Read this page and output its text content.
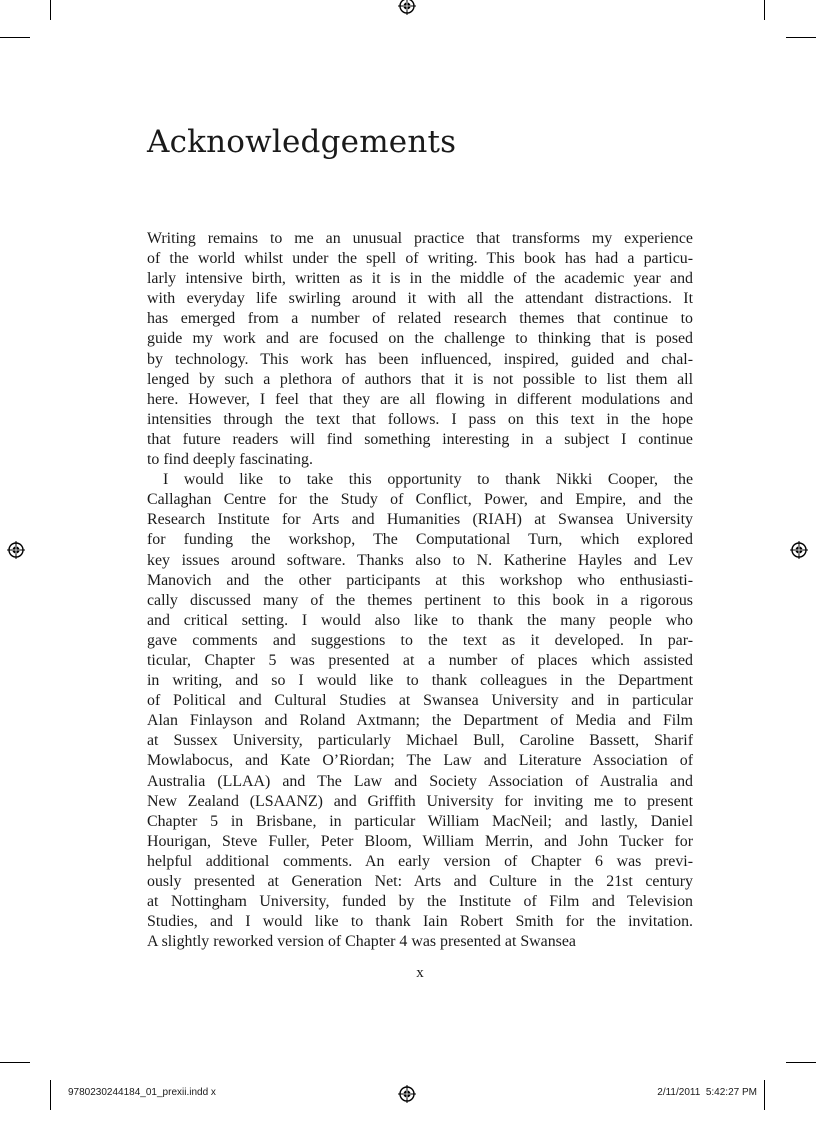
Acknowledgements
Writing remains to me an unusual practice that transforms my experience
of the world whilst under the spell of writing. This book has had a particu-
larly intensive birth, written as it is in the middle of the academic year and
with everyday life swirling around it with all the attendant distractions. It
has emerged from a number of related research themes that continue to
guide my work and are focused on the challenge to thinking that is posed
by technology. This work has been influenced, inspired, guided and chal-
lenged by such a plethora of authors that it is not possible to list them all
here. However, I feel that they are all flowing in different modulations and
intensities through the text that follows. I pass on this text in the hope
that future readers will find something interesting in a subject I continue
to find deeply fascinating.
I would like to take this opportunity to thank Nikki Cooper, the
Callaghan Centre for the Study of Conflict, Power, and Empire, and the
Research Institute for Arts and Humanities (RIAH) at Swansea University
for funding the workshop, The Computational Turn, which explored
key issues around software. Thanks also to N. Katherine Hayles and Lev
Manovich and the other participants at this workshop who enthusiasti-
cally discussed many of the themes pertinent to this book in a rigorous
and critical setting. I would also like to thank the many people who
gave comments and suggestions to the text as it developed. In par-
ticular, Chapter 5 was presented at a number of places which assisted
in writing, and so I would like to thank colleagues in the Department
of Political and Cultural Studies at Swansea University and in particular
Alan Finlayson and Roland Axtmann; the Department of Media and Film
at Sussex University, particularly Michael Bull, Caroline Bassett, Sharif
Mowlabocus, and Kate O’Riordan; The Law and Literature Association of
Australia (LLAA) and The Law and Society Association of Australia and
New Zealand (LSAANZ) and Griffith University for inviting me to present
Chapter 5 in Brisbane, in particular William MacNeil; and lastly, Daniel
Hourigan, Steve Fuller, Peter Bloom, William Merrin, and John Tucker for
helpful additional comments. An early version of Chapter 6 was previ-
ously presented at Generation Net: Arts and Culture in the 21st century
at Nottingham University, funded by the Institute of Film and Television
Studies, and I would like to thank Iain Robert Smith for the invitation.
A slightly reworked version of Chapter 4 was presented at Swansea
x
9780230244184_01_prexii.indd x	2/11/2011 5:42:27 PM
